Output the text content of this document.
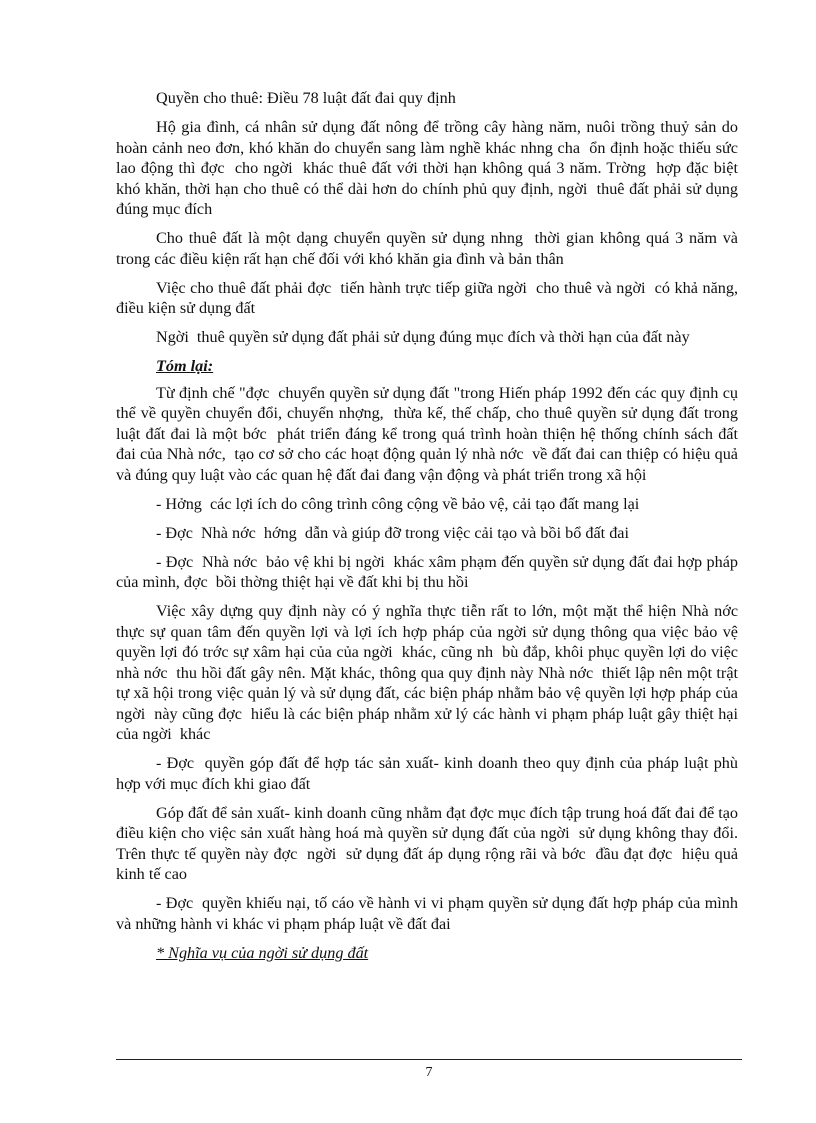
Quyền cho thuê: Điều 78 luật đất đai quy định

Hộ gia đình, cá nhân sử dụng đất nông để trồng cây hàng năm, nuôi trồng thuỷ sản do hoàn cảnh neo đơn, khó khăn do chuyển sang làm nghề khác nhng cha  ổn định hoặc thiếu sức lao động thì đợc  cho ngời  khác thuê đất với thời hạn không quá 3 năm. Trờng  hợp đặc biệt khó khăn, thời hạn cho thuê có thể dài hơn do chính phủ quy định, ngời  thuê đất phải sử dụng đúng mục đích

Cho thuê đất là một dạng chuyển quyền sử dụng nhng  thời gian không quá 3 năm và trong các điều kiện rất hạn chế đối với khó khăn gia đình và bản thân

Việc cho thuê đất phải đợc  tiến hành trực tiếp giữa ngời  cho thuê và ngời  có khả năng, điều kiện sử dụng đất

Ngời  thuê quyền sử dụng đất phải sử dụng đúng mục đích và thời hạn của đất này

Tóm lại:

Từ định chế "đợc  chuyển quyền sử dụng đất "trong Hiến pháp 1992 đến các quy định cụ thể về quyền chuyển đổi, chuyển nhợng,  thừa kế, thế chấp, cho thuê quyền sử dụng đất trong luật đất đai là một bớc  phát triển đáng kể trong quá trình hoàn thiện hệ thống chính sách đất đai của Nhà nớc,  tạo cơ sở cho các hoạt động quản lý nhà nớc  về đất đai can thiệp có hiệu quả và đúng quy luật vào các quan hệ đất đai đang vận động và phát triển trong xã hội

- Hởng  các lợi ích do công trình công cộng về bảo vệ, cải tạo đất mang lại

- Đợc  Nhà nớc  hớng  dẫn và giúp đỡ trong việc cải tạo và bồi bổ đất đai

- Đợc  Nhà nớc  bảo vệ khi bị ngời  khác xâm phạm đến quyền sử dụng đất đai hợp pháp của mình, đợc  bồi thờng thiệt hại về đất khi bị thu hồi

Việc xây dựng quy định này có ý nghĩa thực tiễn rất to lớn, một mặt thể hiện Nhà nớc  thực sự quan tâm đến quyền lợi và lợi ích hợp pháp của ngời sử dụng thông qua việc bảo vệ quyền lợi đó trớc sự xâm hại của của ngời  khác, cũng nh  bù đắp, khôi phục quyền lợi do việc nhà nớc  thu hồi đất gây nên. Mặt khác, thông qua quy định này Nhà nớc  thiết lập nên một trật tự xã hội trong việc quản lý và sử dụng đất, các biện pháp nhằm bảo vệ quyền lợi hợp pháp của ngời  này cũng đợc  hiểu là các biện pháp nhằm xử lý các hành vi phạm pháp luật gây thiệt hại của ngời  khác

- Đợc  quyền góp đất để hợp tác sản xuất- kinh doanh theo quy định của pháp luật phù hợp với mục đích khi giao đất

Góp đất để sản xuất- kinh doanh cũng nhằm đạt đợc mục đích tập trung hoá đất đai để tạo điều kiện cho việc sản xuất hàng hoá mà quyền sử dụng đất của ngời  sử dụng không thay đổi. Trên thực tế quyền này đợc  ngời  sử dụng đất áp dụng rộng rãi và bớc  đầu đạt đợc  hiệu quả kinh tế cao

- Đợc  quyền khiếu nại, tố cáo về hành vi vi phạm quyền sử dụng đất hợp pháp của mình và những hành vi khác vi phạm pháp luật về đất đai

* Nghĩa vụ của ngời sử dụng đất
7
